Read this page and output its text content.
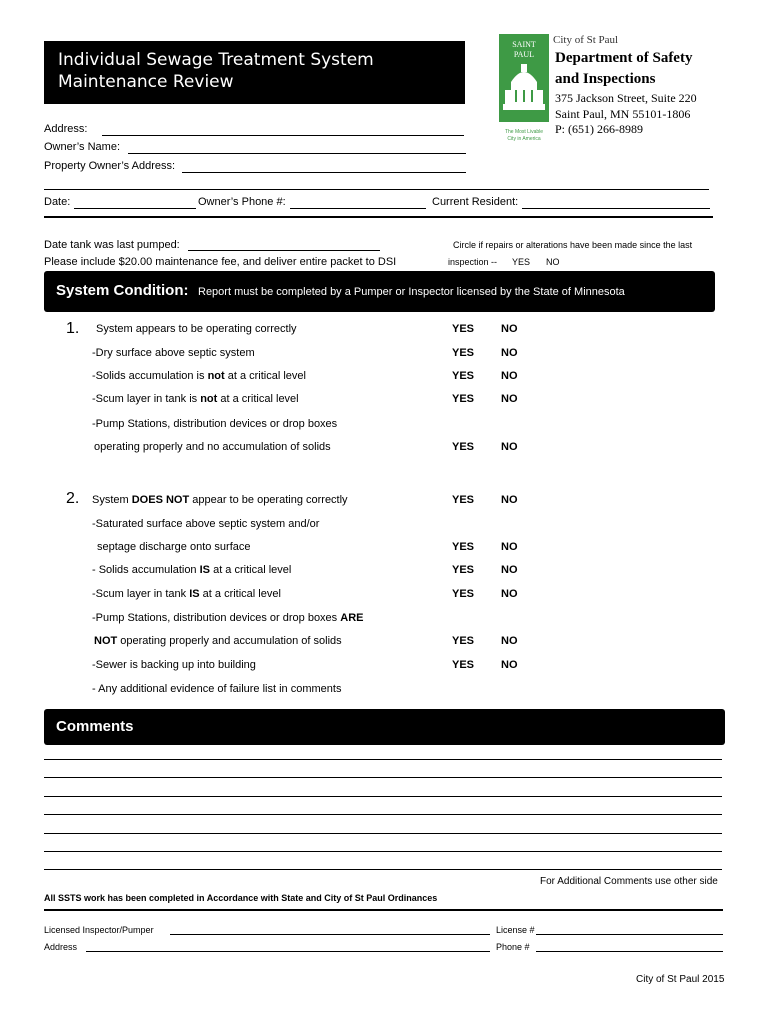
Individual Sewage Treatment System
Maintenance Review
SAINT
PAUL
The Most Livable
City in America
City of St Paul
Department of Safety
and Inspections
375 Jackson Street, Suite 220
Saint Paul, MN 55101-1806
P: (651) 266-8989
Address:
Owner’s Name:
Property Owner’s Address:
Date:	Owner’s Phone #:	Current Resident:
Date tank was last pumped:
Please include $20.00 maintenance fee, and deliver entire packet to DSI
Circle if repairs or alterations have been made since the last
inspection -- YES NO
System Condition: Report must be completed by a Pumper or Inspector licensed by the State of Minnesota
1. System appears to be operating correctly	YES NO
-Dry surface above septic system	YES NO
-Solids accumulation is not at a critical level	YES NO
-Scum layer in tank is not at a critical level	YES NO
-Pump Stations, distribution devices or drop boxes
operating properly and no accumulation of solids	YES NO
2. System DOES NOT appear to be operating correctly	YES NO
-Saturated surface above septic system and/or
septage discharge onto surface	YES NO
- Solids accumulation IS at a critical level	YES NO
-Scum layer in tank IS at a critical level	YES NO
-Pump Stations, distribution devices or drop boxes ARE
NOT operating properly and accumulation of solids	YES NO
-Sewer is backing up into building	YES NO
- Any additional evidence of failure list in comments
Comments
For Additional Comments use other side
All SSTS work has been completed in Accordance with State and City of St Paul Ordinances
Licensed Inspector/Pumper	License #
Address	Phone #
City of St Paul 2015
